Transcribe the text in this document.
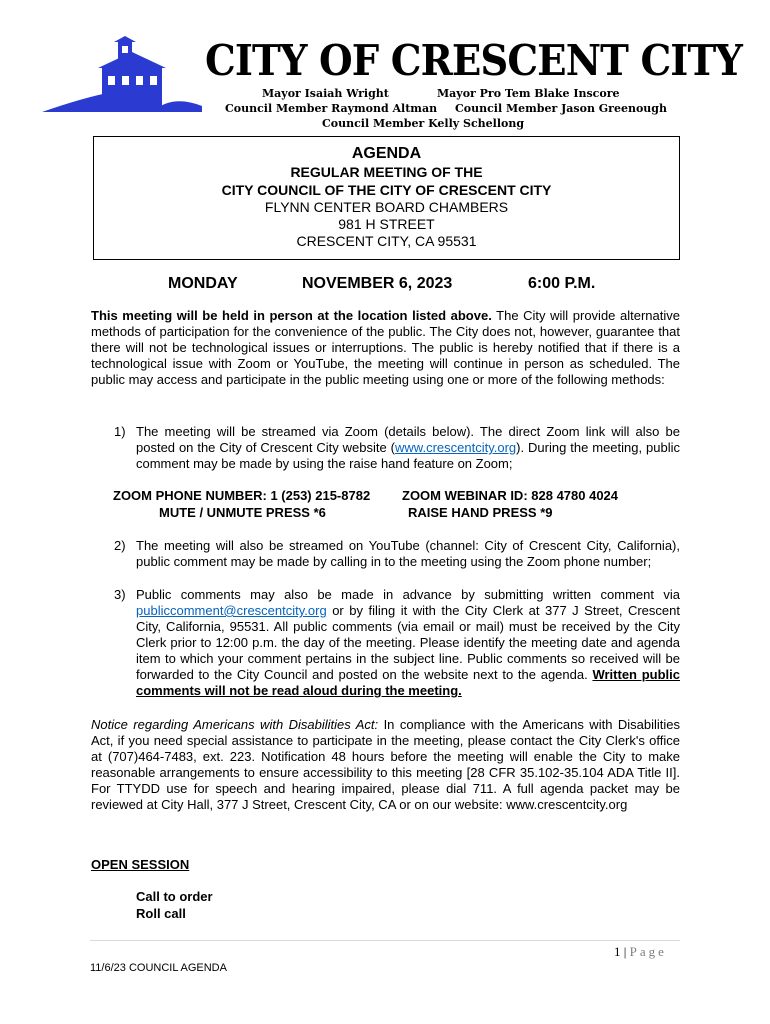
CITY OF CRESCENT CITY
Mayor Isaiah Wright	Mayor Pro Tem Blake Inscore
Council Member Raymond Altman Council Member Jason Greenough
Council Member Kelly Schellong
AGENDA
REGULAR MEETING OF THE
CITY COUNCIL OF THE CITY OF CRESCENT CITY
FLYNN CENTER BOARD CHAMBERS
981 H STREET
CRESCENT CITY, CA 95531
MONDAY	NOVEMBER 6, 2023	6:00 P.M.
This meeting will be held in person at the location listed above. The City will provide alternative methods of participation for the convenience of the public. The City does not, however, guarantee that there will not be technological issues or interruptions. The public is hereby notified that if there is a technological issue with Zoom or YouTube, the meeting will continue in person as scheduled. The public may access and participate in the public meeting using one or more of the following methods:
1) The meeting will be streamed via Zoom (details below). The direct Zoom link will also be posted on the City of Crescent City website (www.crescentcity.org). During the meeting, public comment may be made by using the raise hand feature on Zoom;
ZOOM PHONE NUMBER: 1 (253) 215-8782 ZOOM WEBINAR ID: 828 4780 4024
MUTE / UNMUTE PRESS *6	RAISE HAND PRESS *9
2) The meeting will also be streamed on YouTube (channel: City of Crescent City, California), public comment may be made by calling in to the meeting using the Zoom phone number;
3) Public comments may also be made in advance by submitting written comment via publiccomment@crescentcity.org or by filing it with the City Clerk at 377 J Street, Crescent City, California, 95531. All public comments (via email or mail) must be received by the City Clerk prior to 12:00 p.m. the day of the meeting. Please identify the meeting date and agenda item to which your comment pertains in the subject line. Public comments so received will be forwarded to the City Council and posted on the website next to the agenda. Written public comments will not be read aloud during the meeting.
Notice regarding Americans with Disabilities Act: In compliance with the Americans with Disabilities Act, if you need special assistance to participate in the meeting, please contact the City Clerk's office at (707)464-7483, ext. 223. Notification 48 hours before the meeting will enable the City to make reasonable arrangements to ensure accessibility to this meeting [28 CFR 35.102-35.104 ADA Title II]. For TTYDD use for speech and hearing impaired, please dial 711. A full agenda packet may be reviewed at City Hall, 377 J Street, Crescent City, CA or on our website: www.crescentcity.org
OPEN SESSION
Call to order
Roll call
1 | Page
11/6/23 COUNCIL AGENDA
